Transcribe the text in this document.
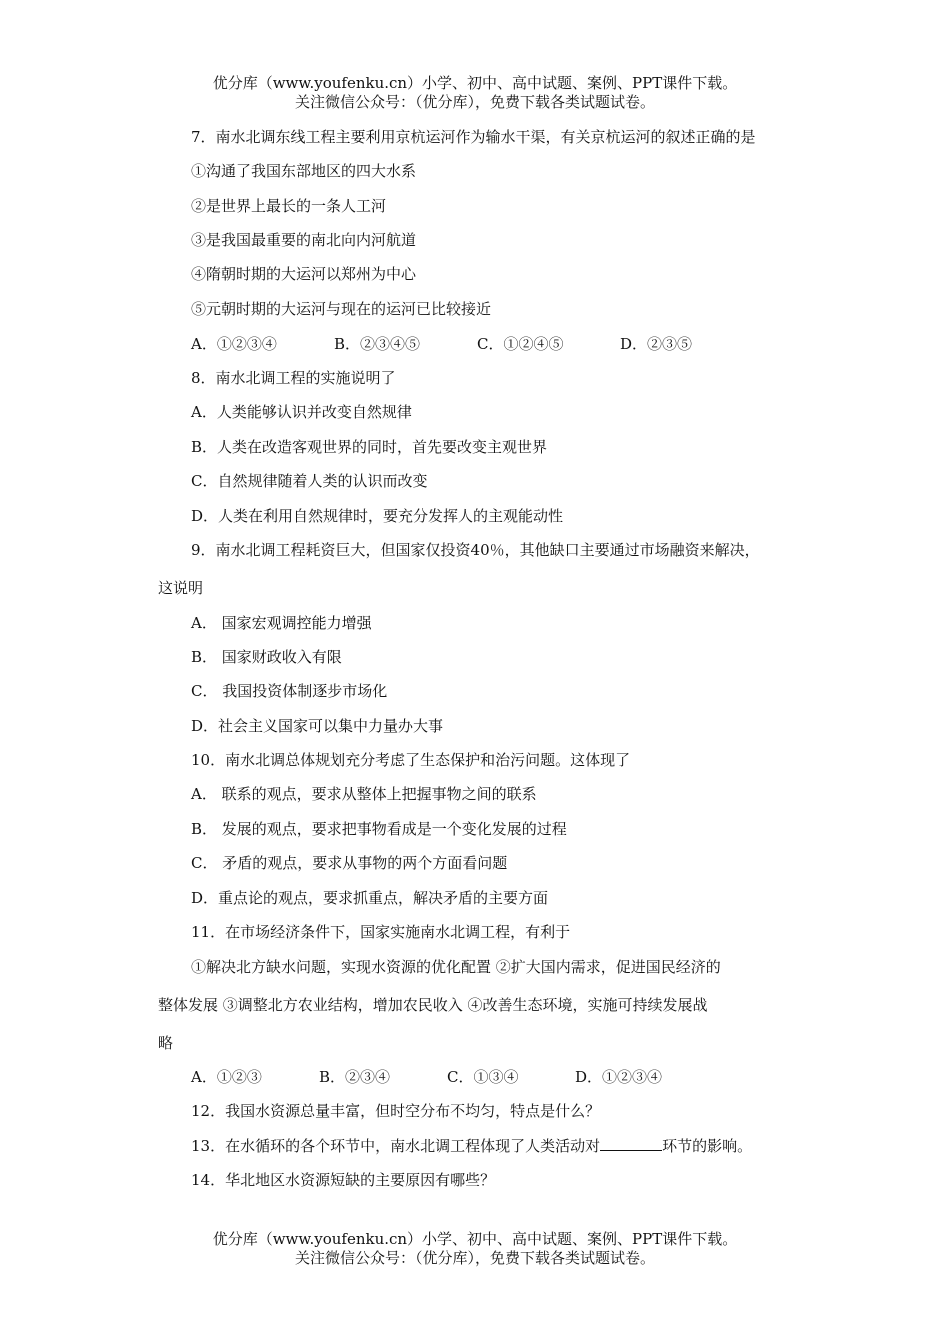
优分库（www.youfenku.cn）小学、初中、高中试题、案例、PPT课件下载。
关注微信公众号：（优分库），免费下载各类试题试卷。
7．南水北调东线工程主要利用京杭运河作为输水干渠，有关京杭运河的叙述正确的是
①沟通了我国东部地区的四大水系
②是世界上最长的一条人工河
③是我国最重要的南北向内河航道
④隋朝时期的大运河以郑州为中心
⑤元朝时期的大运河与现在的运河已比较接近
A．①②③④	B．②③④⑤	C．①②④⑤	D．②③⑤
8．南水北调工程的实施说明了
A．人类能够认识并改变自然规律
B．人类在改造客观世界的同时，首先要改变主观世界
C．自然规律随着人类的认识而改变
D．人类在利用自然规律时，要充分发挥人的主观能动性
9．南水北调工程耗资巨大，但国家仅投资40％，其他缺口主要通过市场融资来解决，
这说明
A． 国家宏观调控能力增强
B． 国家财政收入有限
C． 我国投资体制逐步市场化
D．社会主义国家可以集中力量办大事
10．南水北调总体规划充分考虑了生态保护和治污问题。这体现了
A． 联系的观点，要求从整体上把握事物之间的联系
B． 发展的观点，要求把事物看成是一个变化发展的过程
C． 矛盾的观点，要求从事物的两个方面看问题
D．重点论的观点，要求抓重点，解决矛盾的主要方面
11．在市场经济条件下，国家实施南水北调工程，有利于
①解决北方缺水问题，实现水资源的优化配置 ②扩大国内需求，促进国民经济的
整体发展 ③调整北方农业结构，增加农民收入 ④改善生态环境，实施可持续发展战
略
A．①②③	B．②③④	C．①③④	D．①②③④
12．我国水资源总量丰富，但时空分布不均匀，特点是什么？
13．在水循环的各个环节中，南水北调工程体现了人类活动对	环节的影响。
14．华北地区水资源短缺的主要原因有哪些？
优分库（www.youfenku.cn）小学、初中、高中试题、案例、PPT课件下载。
关注微信公众号：（优分库），免费下载各类试题试卷。
